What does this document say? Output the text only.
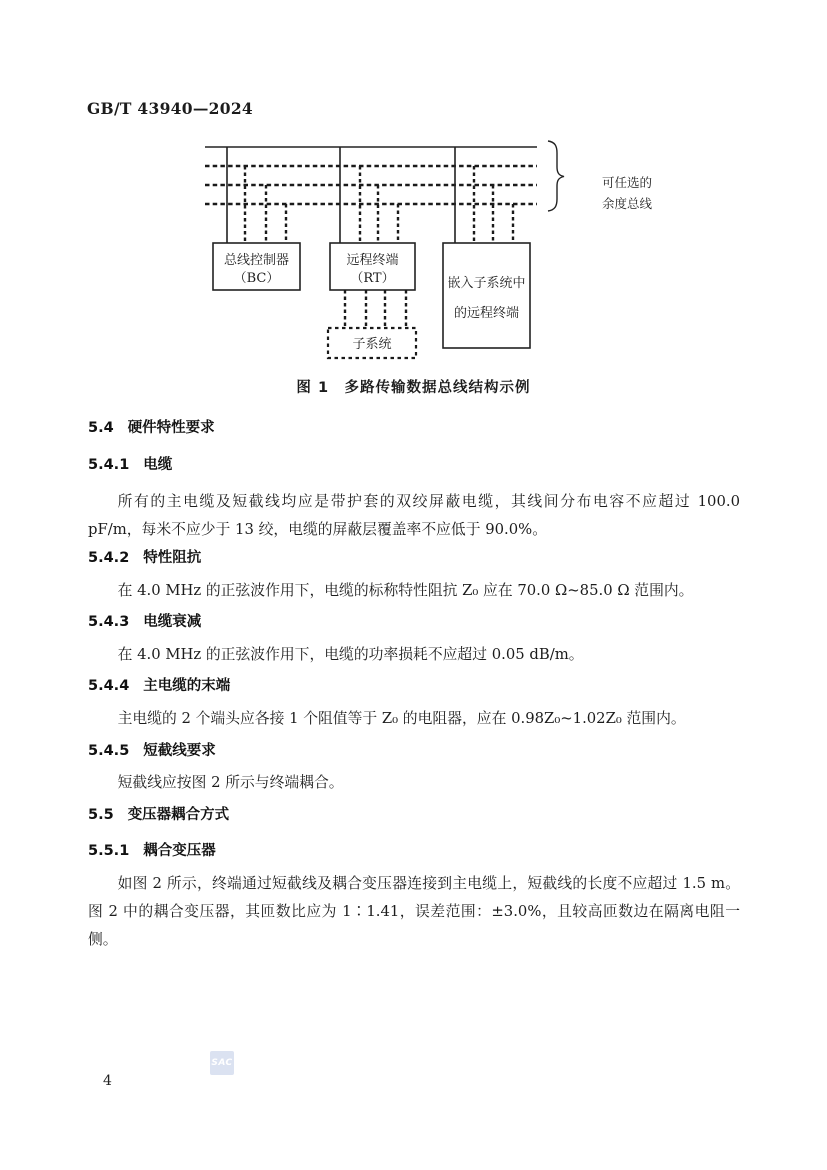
GB/T 43940—2024
总线控制器
（BC）
远程终端
（RT）	嵌入子系统中
的远程终端
子系统
可任选的
余度总线
图 1　多路传输数据总线结构示例
5.4 硬件特性要求
5.4.1 电缆

所有的主电缆及短截线均应是带护套的双绞屏蔽电缆，其线间分布电容不应超过 100.0 pF/m，每米不应少于 13 绞，电缆的屏蔽层覆盖率不应低于 90.0%。

5.4.2 特性阻抗

在 4.0 MHz 的正弦波作用下，电缆的标称特性阻抗 Z₀ 应在 70.0 Ω~85.0 Ω 范围内。

5.4.3 电缆衰减

在 4.0 MHz 的正弦波作用下，电缆的功率损耗不应超过 0.05 dB/m。

5.4.4 主电缆的末端

主电缆的 2 个端头应各接 1 个阻值等于 Z₀ 的电阻器，应在 0.98Z₀~1.02Z₀ 范围内。

5.4.5 短截线要求

短截线应按图 2 所示与终端耦合。

5.5 变压器耦合方式
5.5.1 耦合变压器

如图 2 所示，终端通过短截线及耦合变压器连接到主电缆上，短截线的长度不应超过 1.5 m。图 2 中的耦合变压器，其匝数比应为 1∶1.41，误差范围：±3.0%，且较高匝数边在隔离电阻一侧。

SAC
4
